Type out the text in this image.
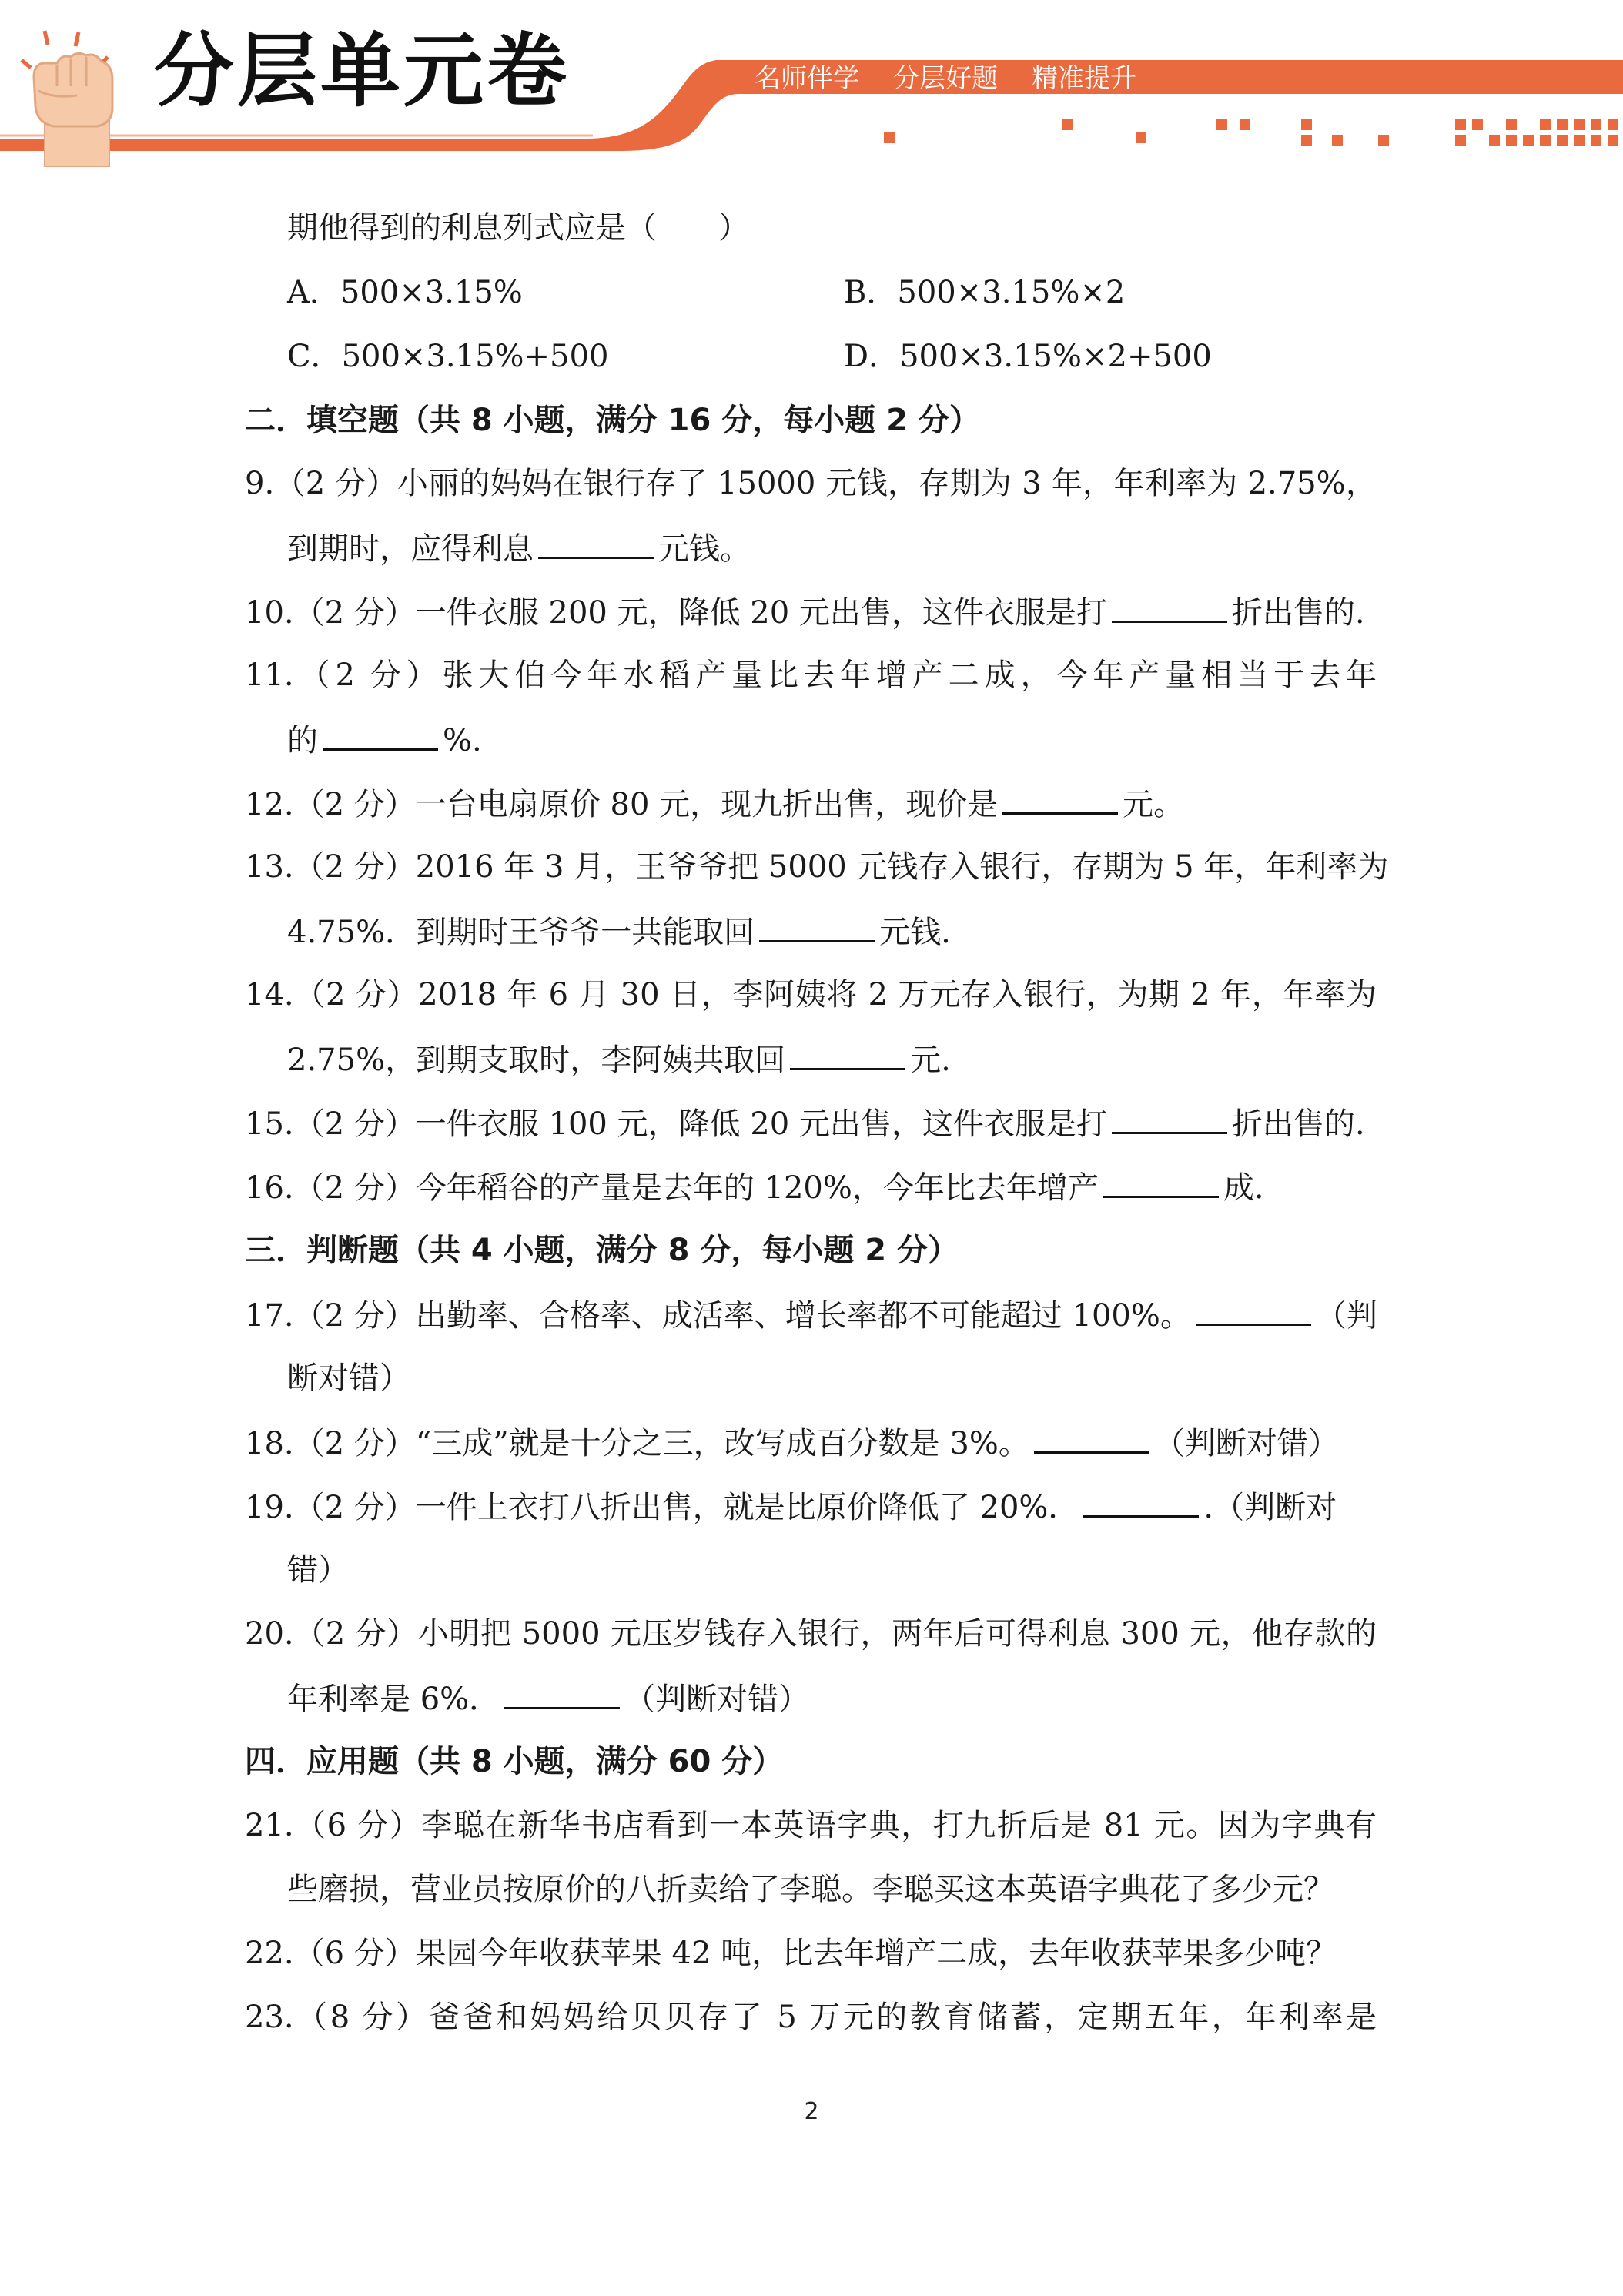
分层单元卷	名师伴学 分层好题 精准提升
期他得到的利息列式应是（　　）
A．500×3.15%	B．500×3.15%×2
C．500×3.15%+500	D．500×3.15%×2+500
二．填空题（共 8 小题，满分 16 分，每小题 2 分）
9.（2 分）小丽的妈妈在银行存了 15000 元钱，存期为 3 年，年利率为 2.75%，
到期时，应得利息	元钱。
10.（2 分）一件衣服 200 元，降低 20 元出售，这件衣服是打	折出售的.
11.（2 分）张大伯今年水稻产量比去年增产二成，今年产量相当于去年
的	%.
12.（2 分）一台电扇原价 80 元，现九折出售，现价是	元。
13.（2 分）2016 年 3 月，王爷爷把 5000 元钱存入银行，存期为 5 年，年利率为
4.75%．到期时王爷爷一共能取回	元钱.
14.（2 分）2018 年 6 月 30 日，李阿姨将 2 万元存入银行，为期 2 年，年率为
2.75%，到期支取时，李阿姨共取回	元.
15.（2 分）一件衣服 100 元，降低 20 元出售，这件衣服是打	折出售的.
16.（2 分）今年稻谷的产量是去年的 120%，今年比去年增产	成.
三．判断题（共 4 小题，满分 8 分，每小题 2 分）
17.（2 分）出勤率、合格率、成活率、增长率都不可能超过 100%。	（判
断对错）
18.（2 分）“三成”就是十分之三，改写成百分数是 3%。	（判断对错）
19.（2 分）一件上衣打八折出售，就是比原价降低了 20%．	.（判断对
错）
20.（2 分）小明把 5000 元压岁钱存入银行，两年后可得利息 300 元，他存款的
年利率是 6%．	（判断对错）
四．应用题（共 8 小题，满分 60 分）
21.（6 分）李聪在新华书店看到一本英语字典，打九折后是 81 元。因为字典有
些磨损，营业员按原价的八折卖给了李聪。李聪买这本英语字典花了多少元？
22.（6 分）果园今年收获苹果 42 吨，比去年增产二成，去年收获苹果多少吨？
23.（8 分）爸爸和妈妈给贝贝存了 5 万元的教育储蓄，定期五年，年利率是
2
